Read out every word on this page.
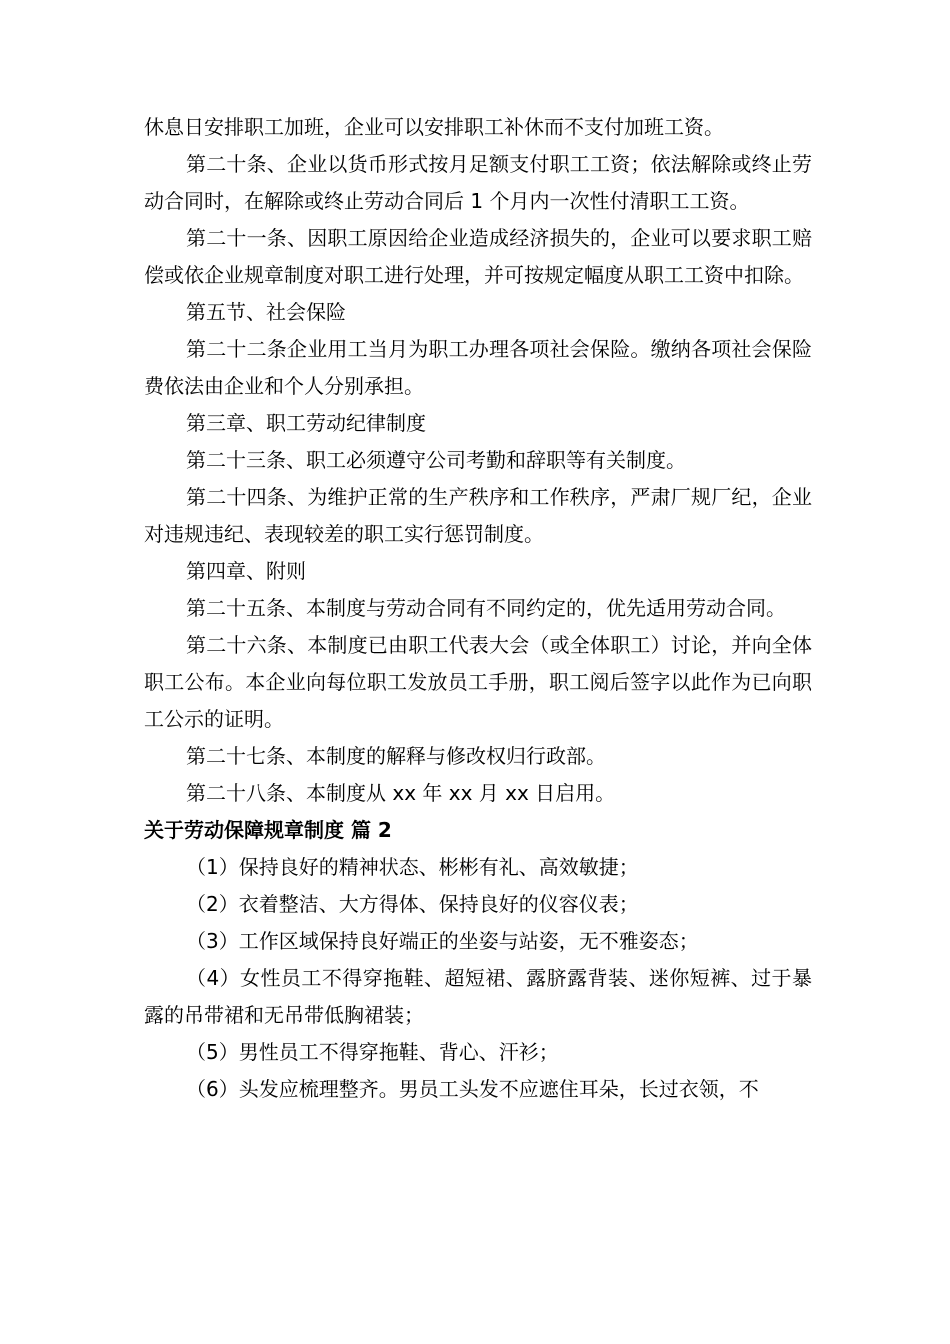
休息日安排职工加班，企业可以安排职工补休而不支付加班工资。

第二十条、企业以货币形式按月足额支付职工工资；依法解除或终止劳动合同时，在解除或终止劳动合同后 1 个月内一次性付清职工工资。

第二十一条、因职工原因给企业造成经济损失的，企业可以要求职工赔偿或依企业规章制度对职工进行处理，并可按规定幅度从职工工资中扣除。

第五节、社会保险

第二十二条企业用工当月为职工办理各项社会保险。缴纳各项社会保险费依法由企业和个人分别承担。

第三章、职工劳动纪律制度

第二十三条、职工必须遵守公司考勤和辞职等有关制度。

第二十四条、为维护正常的生产秩序和工作秩序，严肃厂规厂纪，企业对违规违纪、表现较差的职工实行惩罚制度。

第四章、附则

第二十五条、本制度与劳动合同有不同约定的，优先适用劳动合同。

第二十六条、本制度已由职工代表大会（或全体职工）讨论，并向全体职工公布。本企业向每位职工发放员工手册，职工阅后签字以此作为已向职工公示的证明。

第二十七条、本制度的解释与修改权归行政部。

第二十八条、本制度从 xx 年 xx 月 xx 日启用。

关于劳动保障规章制度 篇 2

（1）保持良好的精神状态、彬彬有礼、高效敏捷；

（2）衣着整洁、大方得体、保持良好的仪容仪表；

（3）工作区域保持良好端正的坐姿与站姿，无不雅姿态；

（4）女性员工不得穿拖鞋、超短裙、露脐露背装、迷你短裤、过于暴露的吊带裙和无吊带低胸裙装；

（5）男性员工不得穿拖鞋、背心、汗衫；

（6）头发应梳理整齐。男员工头发不应遮住耳朵，长过衣领，不
